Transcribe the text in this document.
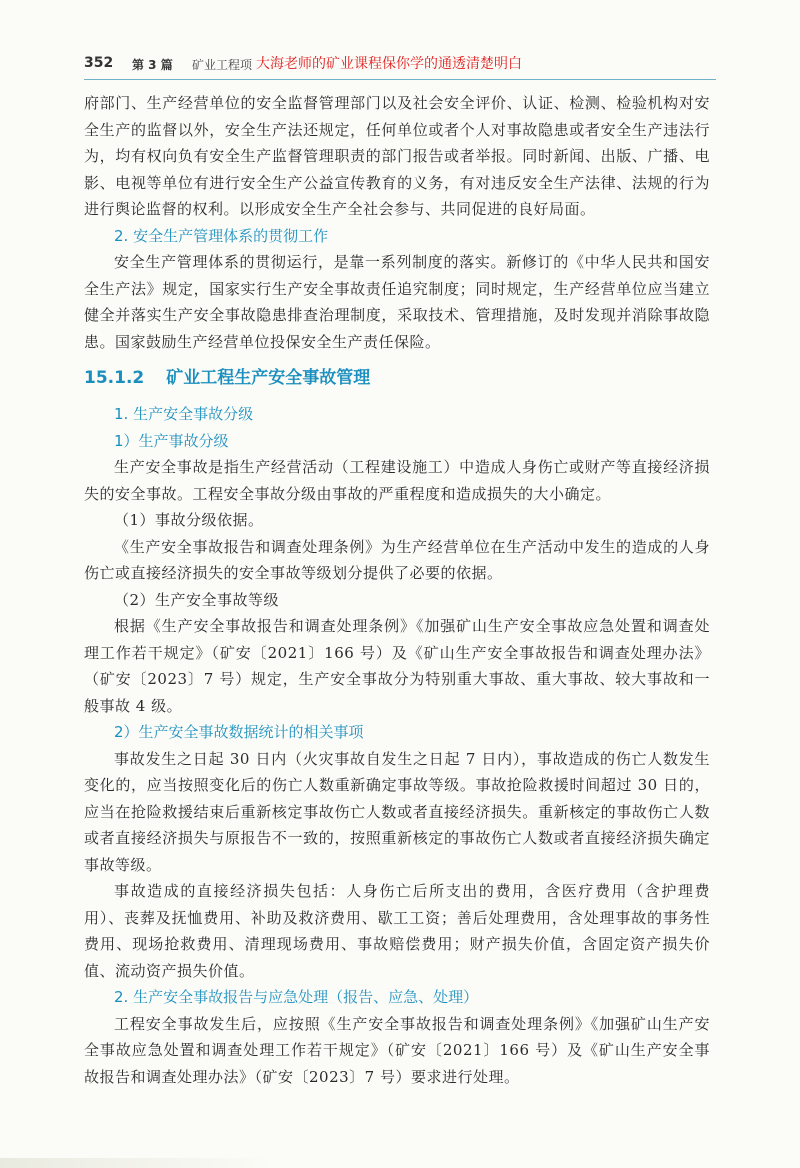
352 第 3 篇 矿业工程项 大海老师的矿业课程保你学的通透清楚明白

府部门、生产经营单位的安全监督管理部门以及社会安全评价、认证、检测、检验机构对安全生产的监督以外，安全生产法还规定，任何单位或者个人对事故隐患或者安全生产违法行为，均有权向负有安全生产监督管理职责的部门报告或者举报。同时新闻、出版、广播、电影、电视等单位有进行安全生产公益宣传教育的义务，有对违反安全生产法律、法规的行为进行舆论监督的权利。以形成安全生产全社会参与、共同促进的良好局面。

2. 安全生产管理体系的贯彻工作

安全生产管理体系的贯彻运行，是靠一系列制度的落实。新修订的《中华人民共和国安全生产法》规定，国家实行生产安全事故责任追究制度；同时规定，生产经营单位应当建立健全并落实生产安全事故隐患排查治理制度，采取技术、管理措施，及时发现并消除事故隐患。国家鼓励生产经营单位投保安全生产责任保险。

15.1.2 矿业工程生产安全事故管理

1. 生产安全事故分级

1）生产事故分级

生产安全事故是指生产经营活动（工程建设施工）中造成人身伤亡或财产等直接经济损失的安全事故。工程安全事故分级由事故的严重程度和造成损失的大小确定。

（1）事故分级依据。

《生产安全事故报告和调查处理条例》为生产经营单位在生产活动中发生的造成的人身伤亡或直接经济损失的安全事故等级划分提供了必要的依据。

（2）生产安全事故等级

根据《生产安全事故报告和调查处理条例》《加强矿山生产安全事故应急处置和调查处理工作若干规定》（矿安〔2021〕166 号）及《矿山生产安全事故报告和调查处理办法》（矿安〔2023〕7 号）规定，生产安全事故分为特别重大事故、重大事故、较大事故和一般事故 4 级。

2）生产安全事故数据统计的相关事项

事故发生之日起 30 日内（火灾事故自发生之日起 7 日内），事故造成的伤亡人数发生变化的，应当按照变化后的伤亡人数重新确定事故等级。事故抢险救援时间超过 30 日的，应当在抢险救援结束后重新核定事故伤亡人数或者直接经济损失。重新核定的事故伤亡人数或者直接经济损失与原报告不一致的，按照重新核定的事故伤亡人数或者直接经济损失确定事故等级。

事故造成的直接经济损失包括：人身伤亡后所支出的费用，含医疗费用（含护理费用）、丧葬及抚恤费用、补助及救济费用、歇工工资；善后处理费用，含处理事故的事务性费用、现场抢救费用、清理现场费用、事故赔偿费用；财产损失价值，含固定资产损失价值、流动资产损失价值。

2. 生产安全事故报告与应急处理（报告、应急、处理）

工程安全事故发生后，应按照《生产安全事故报告和调查处理条例》《加强矿山生产安全事故应急处置和调查处理工作若干规定》（矿安〔2021〕166 号）及《矿山生产安全事故报告和调查处理办法》（矿安〔2023〕7 号）要求进行处理。
